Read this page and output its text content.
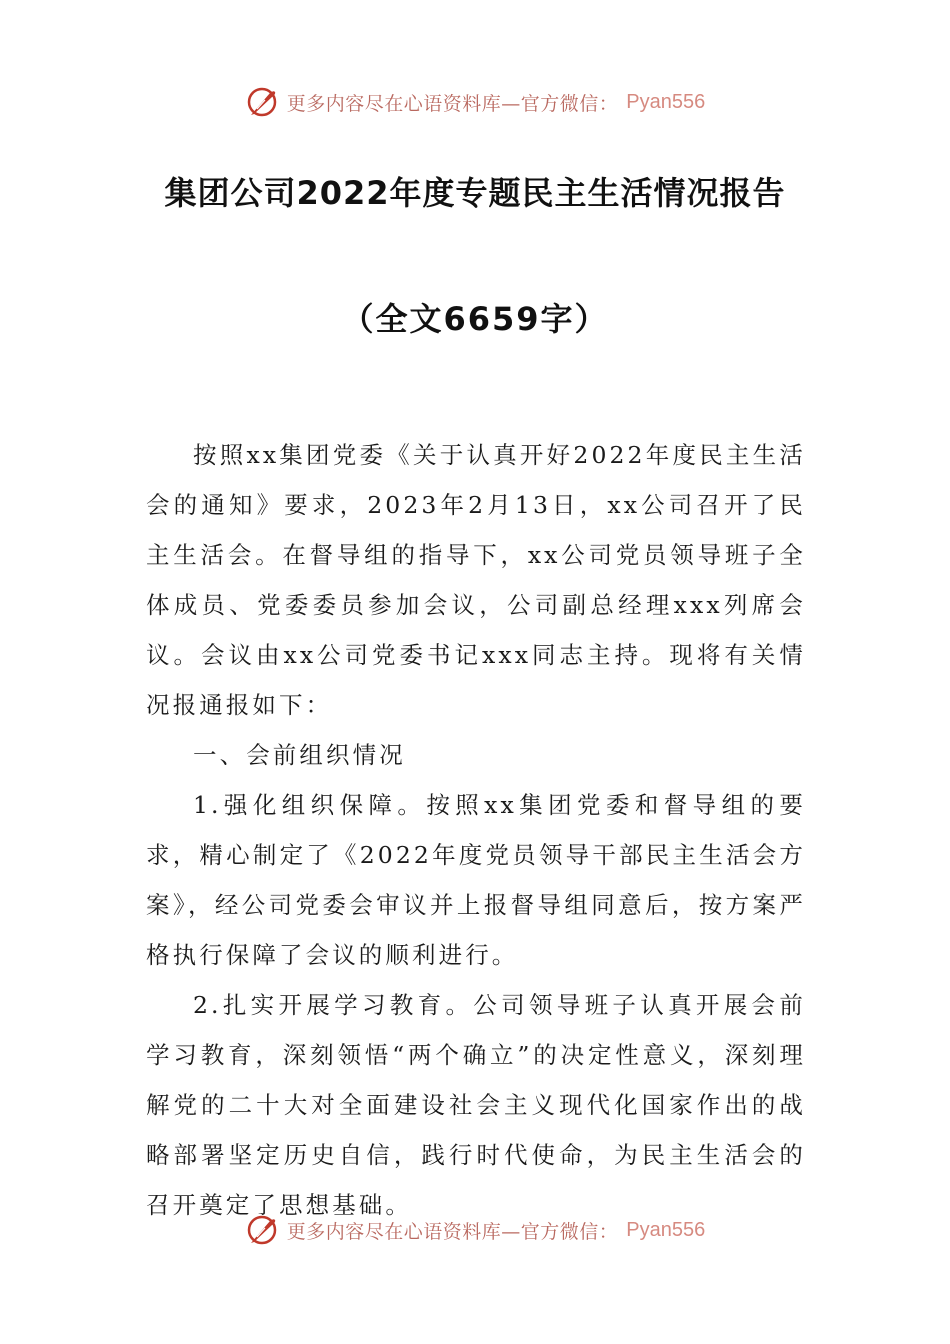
更多内容尽在心语资料库—官方微信： Pyan556
集团公司2022年度专题民主生活情况报告
（全文6659字）

按照xx集团党委《关于认真开好2022年度民主生活会的通知》要求，2023年2月13日，xx公司召开了民主生活会。在督导组的指导下，xx公司党员领导班子全体成员、党委委员参加会议，公司副总经理xxx列席会议。会议由xx公司党委书记xxx同志主持。现将有关情况报通报如下：

一、会前组织情况

1.强化组织保障。按照xx集团党委和督导组的要求，精心制定了《2022年度党员领导干部民主生活会方案》，经公司党委会审议并上报督导组同意后，按方案严格执行保障了会议的顺利进行。

2.扎实开展学习教育。公司领导班子认真开展会前学习教育，深刻领悟“两个确立”的决定性意义，深刻理解党的二十大对全面建设社会主义现代化国家作出的战略部署坚定历史自信，践行时代使命，为民主生活会的召开奠定了思想基础。

更多内容尽在心语资料库—官方微信： Pyan556
